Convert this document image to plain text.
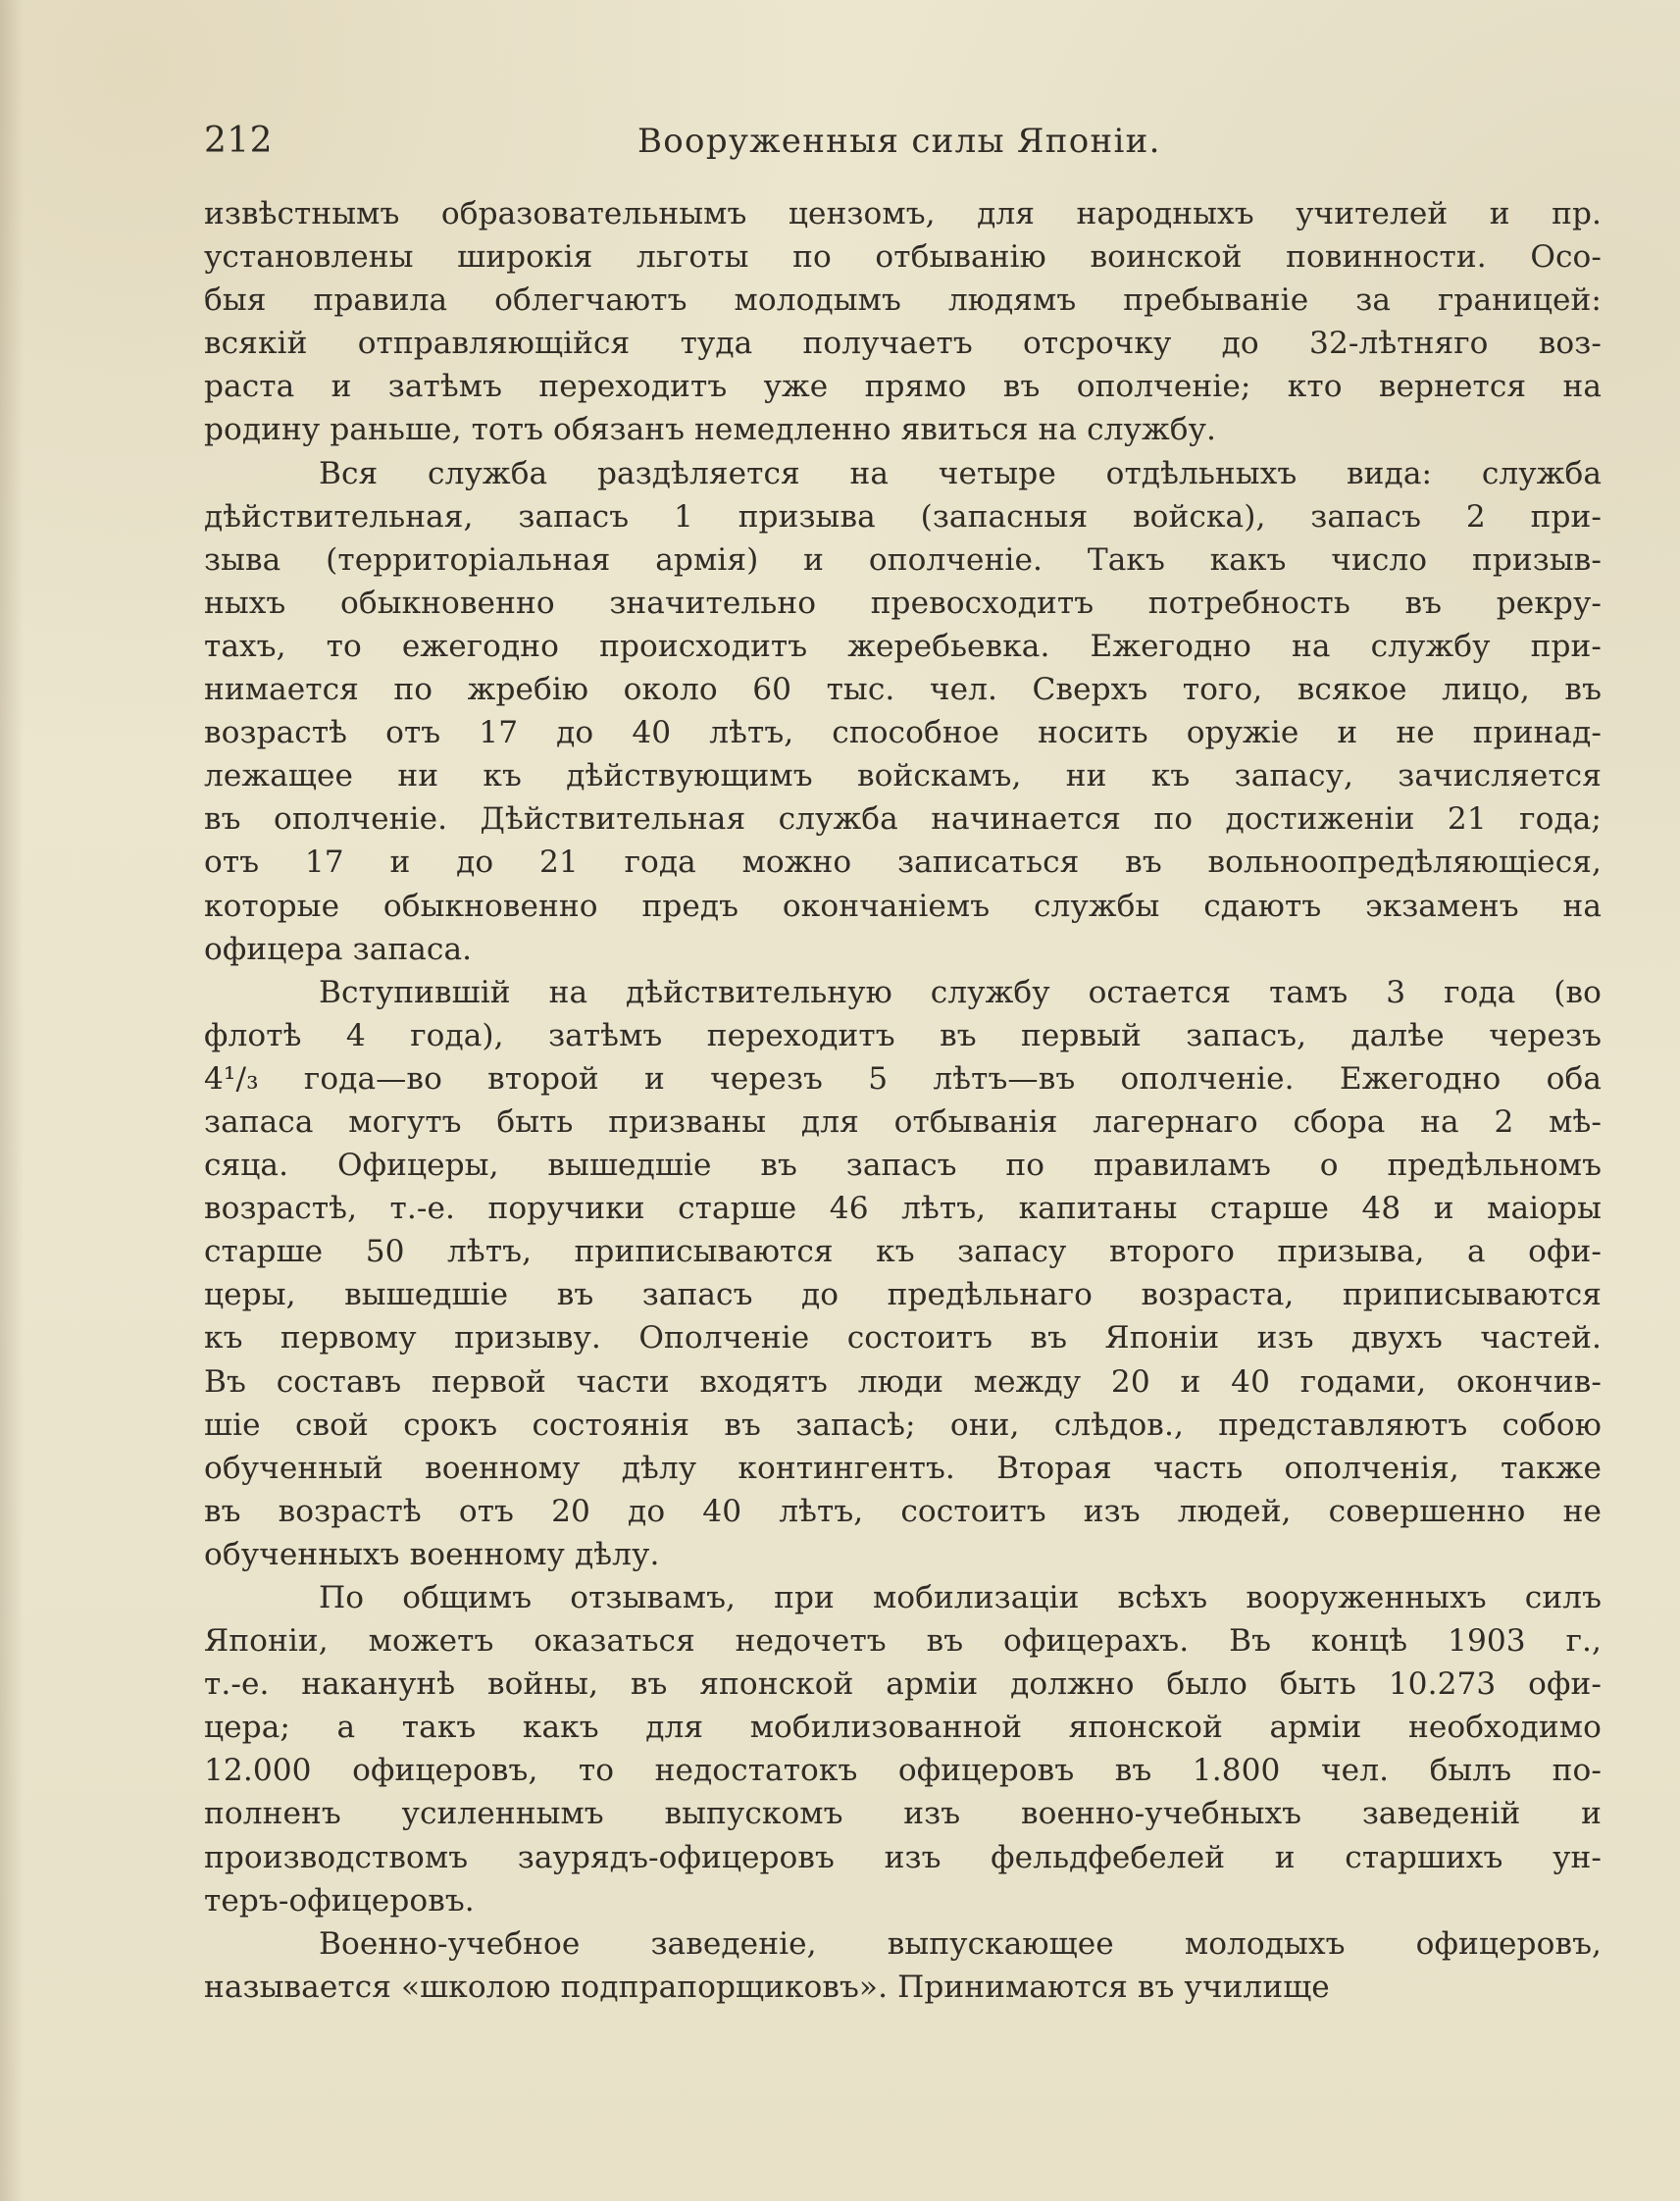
212	Вооруженныя силы Японіи.
извѣстнымъ образовательнымъ цензомъ, для народныхъ учителей и пр.
установлены широкія льготы по отбыванію воинской повинности. Осо-
быя правила облегчаютъ молодымъ людямъ пребываніе за границей:
всякій отправляющійся туда получаетъ отсрочку до 32-лѣтняго воз-
раста и затѣмъ переходитъ уже прямо въ ополченіе; кто вернется на
родину раньше, тотъ обязанъ немедленно явиться на службу.
Вся служба раздѣляется на четыре отдѣльныхъ вида: служба
дѣйствительная, запасъ 1 призыва (запасныя войска), запасъ 2 при-
зыва (территоріальная армія) и ополченіе. Такъ какъ число призыв-
ныхъ обыкновенно значительно превосходитъ потребность въ рекру-
тахъ, то ежегодно происходитъ жеребьевка. Ежегодно на службу при-
нимается по жребію около 60 тыс. чел. Сверхъ того, всякое лицо, въ
возрастѣ отъ 17 до 40 лѣтъ, способное носить оружіе и не принад-
лежащее ни къ дѣйствующимъ войскамъ, ни къ запасу, зачисляется
въ ополченіе. Дѣйствительная служба начинается по достиженіи 21 года;
отъ 17 и до 21 года можно записаться въ вольноопредѣляющіеся,
которые обыкновенно предъ окончаніемъ службы сдаютъ экзаменъ на
офицера запаса.
Вступившій на дѣйствительную службу остается тамъ 3 года (во
флотѣ 4 года), затѣмъ переходитъ въ первый запасъ, далѣе черезъ
4¹/₃ года—во второй и черезъ 5 лѣтъ—въ ополченіе. Ежегодно оба
запаса могутъ быть призваны для отбыванія лагернаго сбора на 2 мѣ-
сяца. Офицеры, вышедшіе въ запасъ по правиламъ о предѣльномъ
возрастѣ, т.-е. поручики старше 46 лѣтъ, капитаны старше 48 и маіоры
старше 50 лѣтъ, приписываются къ запасу второго призыва, а офи-
церы, вышедшіе въ запасъ до предѣльнаго возраста, приписываются
къ первому призыву. Ополченіе состоитъ въ Японіи изъ двухъ частей.
Въ составъ первой части входятъ люди между 20 и 40 годами, окончив-
шіе свой срокъ состоянія въ запасѣ; они, слѣдов., представляютъ собою
обученный военному дѣлу контингентъ. Вторая часть ополченія, также
въ возрастѣ отъ 20 до 40 лѣтъ, состоитъ изъ людей, совершенно не
обученныхъ военному дѣлу.
По общимъ отзывамъ, при мобилизаціи всѣхъ вооруженныхъ силъ
Японіи, можетъ оказаться недочетъ въ офицерахъ. Въ концѣ 1903 г.,
т.-е. наканунѣ войны, въ японской арміи должно было быть 10.273 офи-
цера; а такъ какъ для мобилизованной японской арміи необходимо
12.000 офицеровъ, то недостатокъ офицеровъ въ 1.800 чел. былъ по-
полненъ усиленнымъ выпускомъ изъ военно-учебныхъ заведеній и
производствомъ заурядъ-офицеровъ изъ фельдфебелей и старшихъ ун-
теръ-офицеровъ.
Военно-учебное заведеніе, выпускающее молодыхъ офицеровъ,
называется «школою подпрапорщиковъ». Принимаются въ училище
